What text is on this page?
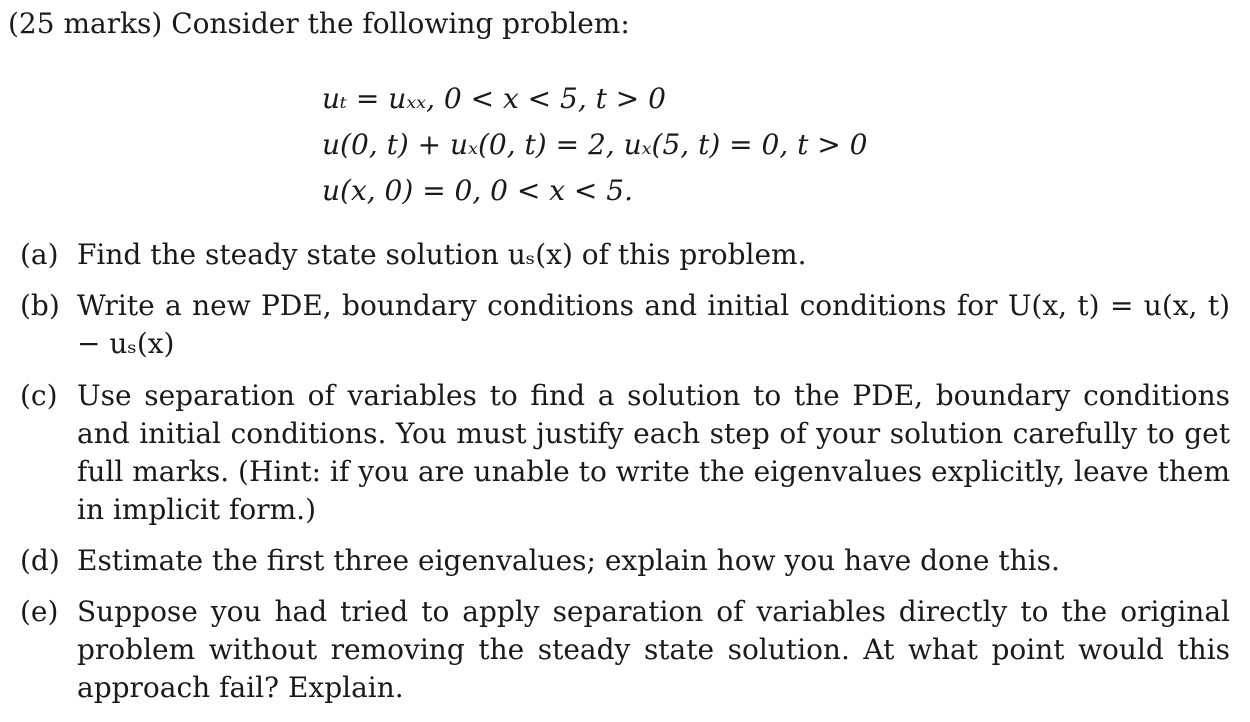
(25 marks) Consider the following problem:
uₜ = uₓₓ, 0 < x < 5, t > 0
u(0, t) + uₓ(0, t) = 2, uₓ(5, t) = 0, t > 0
u(x, 0) = 0, 0 < x < 5.
(a) Find the steady state solution uₛ(x) of this problem.
(b) Write a new PDE, boundary conditions and initial conditions for U(x, t) = u(x, t) − uₛ(x)
(c) Use separation of variables to find a solution to the PDE, boundary conditions and initial conditions. You must justify each step of your solution carefully to get full marks. (Hint: if you are unable to write the eigenvalues explicitly, leave them in implicit form.)
(d) Estimate the first three eigenvalues; explain how you have done this.
(e) Suppose you had tried to apply separation of variables directly to the original problem without removing the steady state solution. At what point would this approach fail? Explain.
